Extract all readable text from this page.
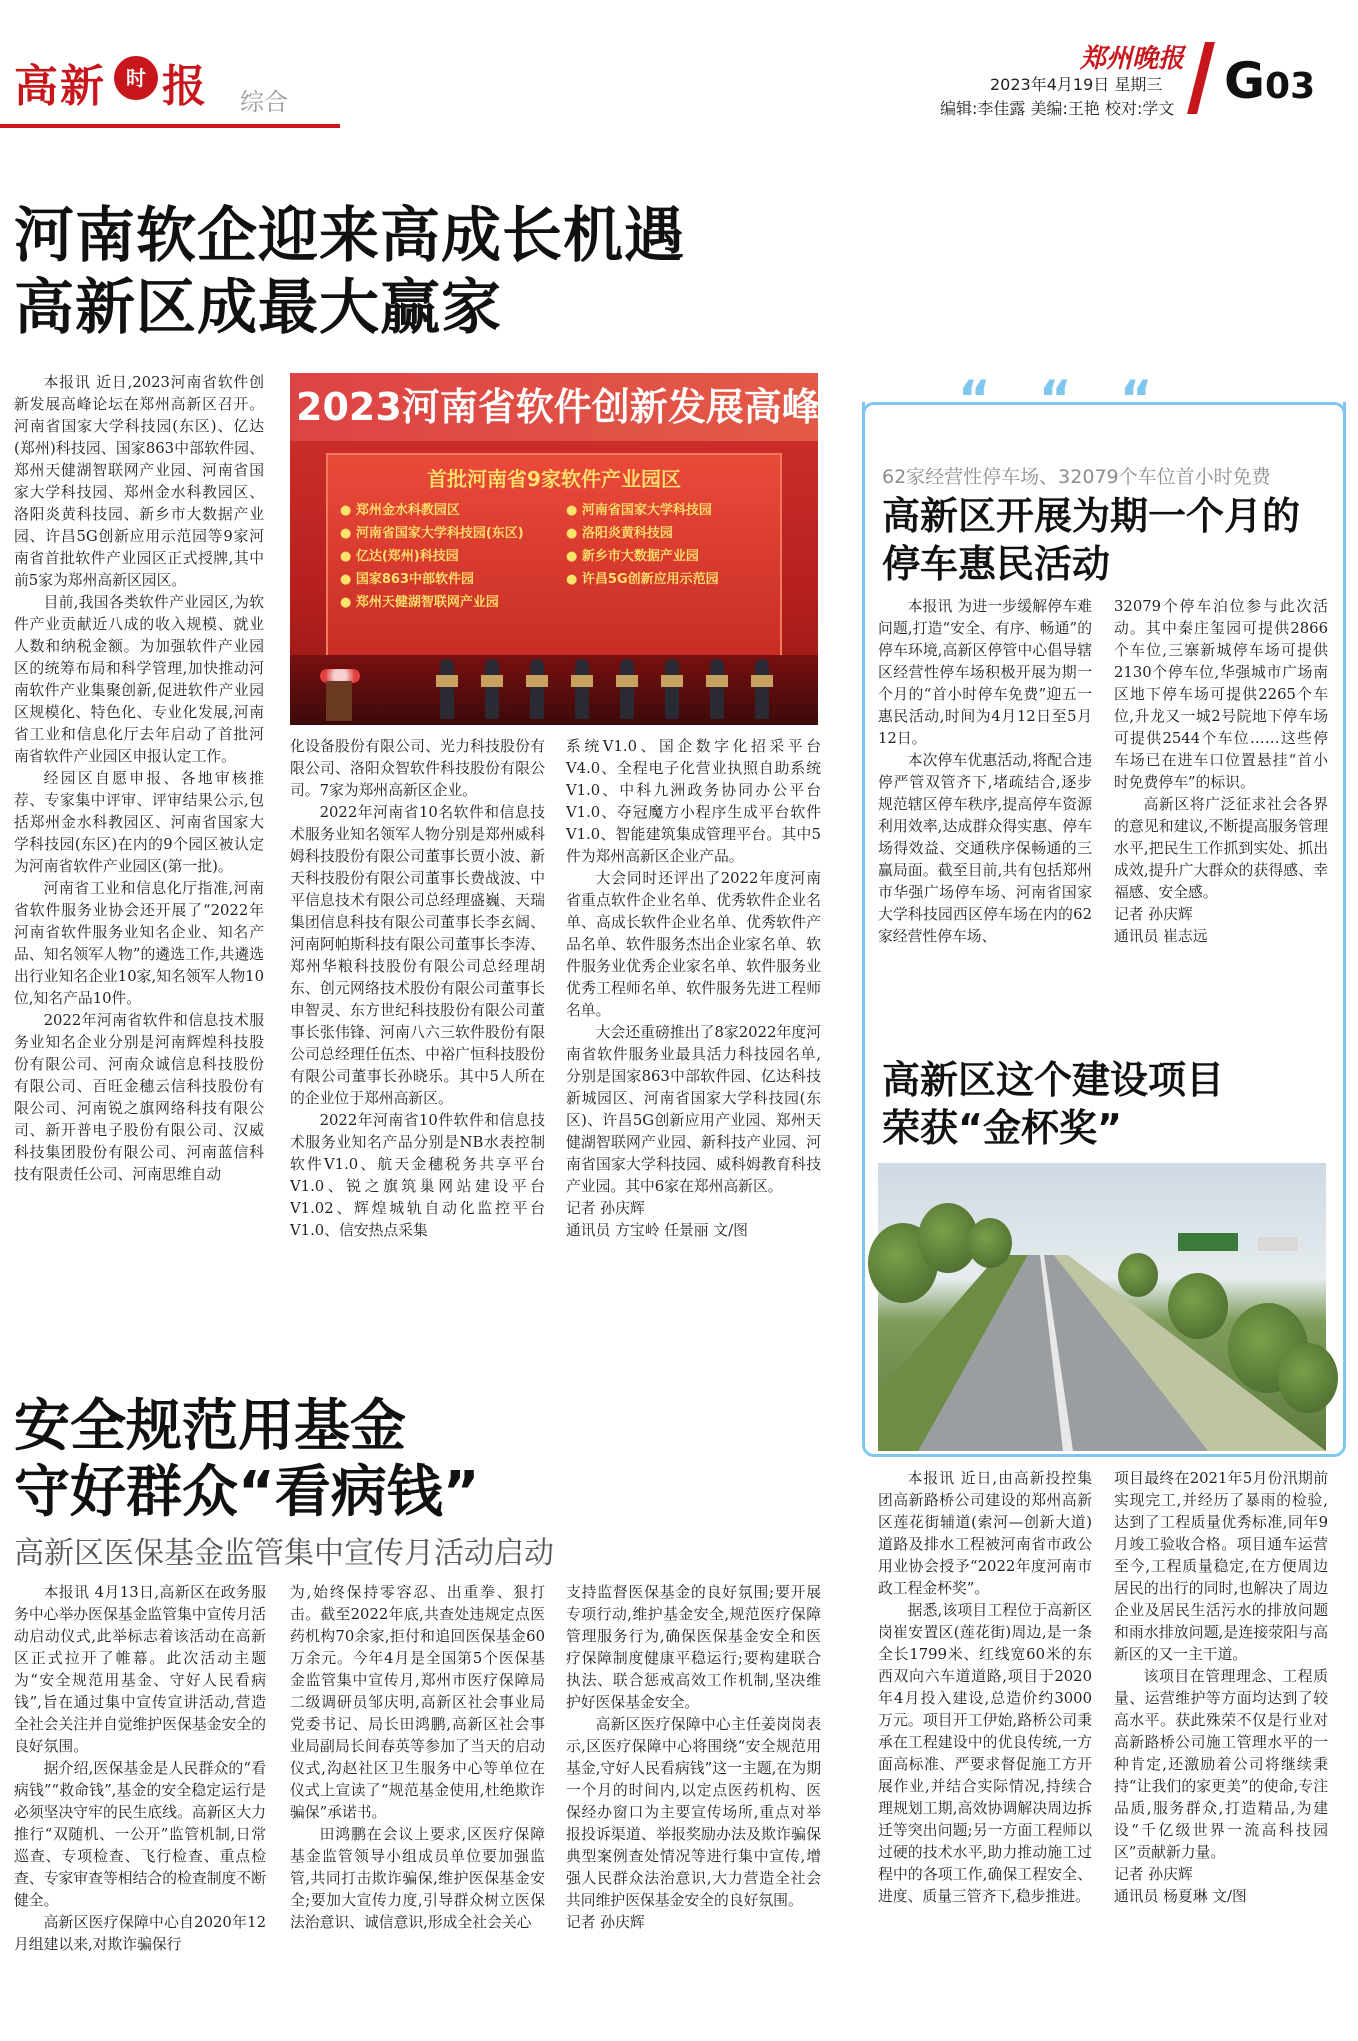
高新	时 报 综合
郑州晚报
2023年4月19日 星期三
编辑:李佳露 美编:王艳 校对:学文 G03
河南软企迎来高成长机遇
高新区成最大赢家

本报讯 近日,2023河南省软件创新发展高峰论坛在郑州高新区召开。河南省国家大学科技园(东区)、亿达(郑州)科技园、国家863中部软件园、郑州天健湖智联网产业园、河南省国家大学科技园、郑州金水科教园区、洛阳炎黄科技园、新乡市大数据产业园、许昌5G创新应用示范园等9家河南省首批软件产业园区正式授牌,其中前5家为郑州高新区园区。

目前,我国各类软件产业园区,为软件产业贡献近八成的收入规模、就业人数和纳税金额。为加强软件产业园区的统筹布局和科学管理,加快推动河南软件产业集聚创新,促进软件产业园区规模化、特色化、专业化发展,河南省工业和信息化厅去年启动了首批河南省软件产业园区申报认定工作。

经园区自愿申报、各地审核推荐、专家集中评审、评审结果公示,包括郑州金水科教园区、河南省国家大学科技园(东区)在内的9个园区被认定为河南省软件产业园区(第一批)。

河南省工业和信息化厅指准,河南省软件服务业协会还开展了“2022年河南省软件服务业知名企业、知名产品、知名领军人物”的遴选工作,共遴选出行业知名企业10家,知名领军人物10位,知名产品10件。

2022年河南省软件和信息技术服务业知名企业分别是河南辉煌科技股份有限公司、河南众诚信息科技股份有限公司、百旺金穗云信科技股份有限公司、河南锐之旗网络科技有限公司、新开普电子股份有限公司、汉威科技集团股份有限公司、河南蓝信科技有限责任公司、河南思维自动

2023河南省软件创新发展高峰论坛
首批河南省9家软件产业园区
● 郑州金水科教园区	● 河南省国家大学科技园
● 河南省国家大学科技园(东区)	● 洛阳炎黄科技园
● 亿达(郑州)科技园	● 新乡市大数据产业园
● 国家863中部软件园	● 许昌5G创新应用示范园
● 郑州天健湖智联网产业园

化设备股份有限公司、光力科技股份有限公司、洛阳众智软件科技股份有限公司。7家为郑州高新区企业。

2022年河南省10名软件和信息技术服务业知名领军人物分别是郑州威科姆科技股份有限公司董事长贾小波、新天科技股份有限公司董事长费战波、中平信息技术有限公司总经理盛巍、天瑞集团信息科技有限公司董事长李玄阔、河南阿帕斯科技有限公司董事长李涛、郑州华粮科技股份有限公司总经理胡东、创元网络技术股份有限公司董事长申智灵、东方世纪科技股份有限公司董事长张伟锋、河南八六三软件股份有限公司总经理任伍杰、中裕广恒科技股份有限公司董事长孙晓乐。其中5人所在的企业位于郑州高新区。

2022年河南省10件软件和信息技术服务业知名产品分别是NB水表控制软件V1.0、航天金穗税务共享平台V1.0、锐之旗筑巢网站建设平台V1.02、辉煌城轨自动化监控平台V1.0、信安热点采集

系统V1.0、国企数字化招采平台V4.0、全程电子化营业执照自助系统V1.0、中科九洲政务协同办公平台V1.0、夺冠魔方小程序生成平台软件V1.0、智能建筑集成管理平台。其中5件为郑州高新区企业产品。

大会同时还评出了2022年度河南省重点软件企业名单、优秀软件企业名单、高成长软件企业名单、优秀软件产品名单、软件服务杰出企业家名单、软件服务业优秀企业家名单、软件服务业优秀工程师名单、软件服务先进工程师名单。

大会还重磅推出了8家2022年度河南省软件服务业最具活力科技园名单,分别是国家863中部软件园、亿达科技新城园区、河南省国家大学科技园(东区)、许昌5G创新应用产业园、郑州天健湖智联网产业园、新科技产业园、河南省国家大学科技园、威科姆教育科技产业园。其中6家在郑州高新区。

记者 孙庆辉

通讯员 方宝岭 任景丽 文/图

安全规范用基金
守好群众“看病钱”
高新区医保基金监管集中宣传月活动启动

本报讯 4月13日,高新区在政务服务中心举办医保基金监管集中宣传月活动启动仪式,此举标志着该活动在高新区正式拉开了帷幕。此次活动主题为“安全规范用基金、守好人民看病钱”,旨在通过集中宣传宣讲活动,营造全社会关注并自觉维护医保基金安全的良好氛围。

据介绍,医保基金是人民群众的“看病钱”“救命钱”,基金的安全稳定运行是必须坚决守牢的民生底线。高新区大力推行“双随机、一公开”监管机制,日常巡查、专项检查、飞行检查、重点检查、专家审查等相结合的检查制度不断健全。

高新区医疗保障中心自2020年12月组建以来,对欺诈骗保行

为,始终保持零容忍、出重拳、狠打击。截至2022年底,共查处违规定点医药机构70余家,拒付和追回医保基金60万余元。今年4月是全国第5个医保基金监管集中宣传月,郑州市医疗保障局二级调研员邹庆明,高新区社会事业局党委书记、局长田鸿鹏,高新区社会事业局副局长间春英等参加了当天的启动仪式,沟赵社区卫生服务中心等单位在仪式上宣读了“规范基金使用,杜绝欺诈骗保”承诺书。

田鸿鹏在会议上要求,区医疗保障基金监管领导小组成员单位要加强监管,共同打击欺诈骗保,维护医保基金安全;要加大宣传力度,引导群众树立医保法治意识、诚信意识,形成全社会关心

支持监督医保基金的良好氛围;要开展专项行动,维护基金安全,规范医疗保障管理服务行为,确保医保基金安全和医疗保障制度健康平稳运行;要构建联合执法、联合惩戒高效工作机制,坚决维护好医保基金安全。

高新区医疗保障中心主任姜岗岗表示,区医疗保障中心将围绕“安全规范用基金,守好人民看病钱”这一主题,在为期一个月的时间内,以定点医药机构、医保经办窗口为主要宣传场所,重点对举报投诉渠道、举报奖励办法及欺诈骗保典型案例查处情况等进行集中宣传,增强人民群众法治意识,大力营造全社会共同维护医保基金安全的良好氛围。

记者 孙庆辉

“““
62家经营性停车场、32079个车位首小时免费
高新区开展为期一个月的
停车惠民活动

本报讯 为进一步缓解停车难问题,打造“安全、有序、畅通”的停车环境,高新区停管中心倡导辖区经营性停车场积极开展为期一个月的“首小时停车免费”迎五一惠民活动,时间为4月12日至5月12日。

本次停车优惠活动,将配合违停严管双管齐下,堵疏结合,逐步规范辖区停车秩序,提高停车资源利用效率,达成群众得实惠、停车场得效益、交通秩序保畅通的三赢局面。截至目前,共有包括郑州市华强广场停车场、河南省国家大学科技园西区停车场在内的62家经营性停车场、

32079个停车泊位参与此次活动。其中秦庄玺园可提供2866个车位,三寨新城停车场可提供2130个停车位,华强城市广场南区地下停车场可提供2265个车位,升龙又一城2号院地下停车场可提供2544个车位……这些停车场已在进车口位置悬挂“首小时免费停车”的标识。

高新区将广泛征求社会各界的意见和建议,不断提高服务管理水平,把民生工作抓到实处、抓出成效,提升广大群众的获得感、幸福感、安全感。

记者 孙庆辉

通讯员 崔志远

高新区这个建设项目
荣获“金杯奖”

本报讯 近日,由高新投控集团高新路桥公司建设的郑州高新区莲花街辅道(索河—创新大道)道路及排水工程被河南省市政公用业协会授予“2022年度河南市政工程金杯奖”。

据悉,该项目工程位于高新区岗崔安置区(莲花街)周边,是一条全长1799米、红线宽60米的东西双向六车道道路,项目于2020年4月投入建设,总造价约3000万元。项目开工伊始,路桥公司秉承在工程建设中的优良传统,一方面高标准、严要求督促施工方开展作业,并结合实际情况,持续合理规划工期,高效协调解决周边拆迁等突出问题;另一方面工程师以过硬的技术水平,助力推动施工过程中的各项工作,确保工程安全、进度、质量三管齐下,稳步推进。

项目最终在2021年5月份汛期前实现完工,并经历了暴雨的检验,达到了工程质量优秀标准,同年9月竣工验收合格。项目通车运营至今,工程质量稳定,在方便周边居民的出行的同时,也解决了周边企业及居民生活污水的排放问题和雨水排放问题,是连接荥阳与高新区的又一主干道。

该项目在管理理念、工程质量、运营维护等方面均达到了较高水平。获此殊荣不仅是行业对高新路桥公司施工管理水平的一种肯定,还激励着公司将继续秉持“让我们的家更美”的使命,专注品质,服务群众,打造精品,为建设“千亿级世界一流高科技园区”贡献新力量。

记者 孙庆辉

通讯员 杨夏琳 文/图
